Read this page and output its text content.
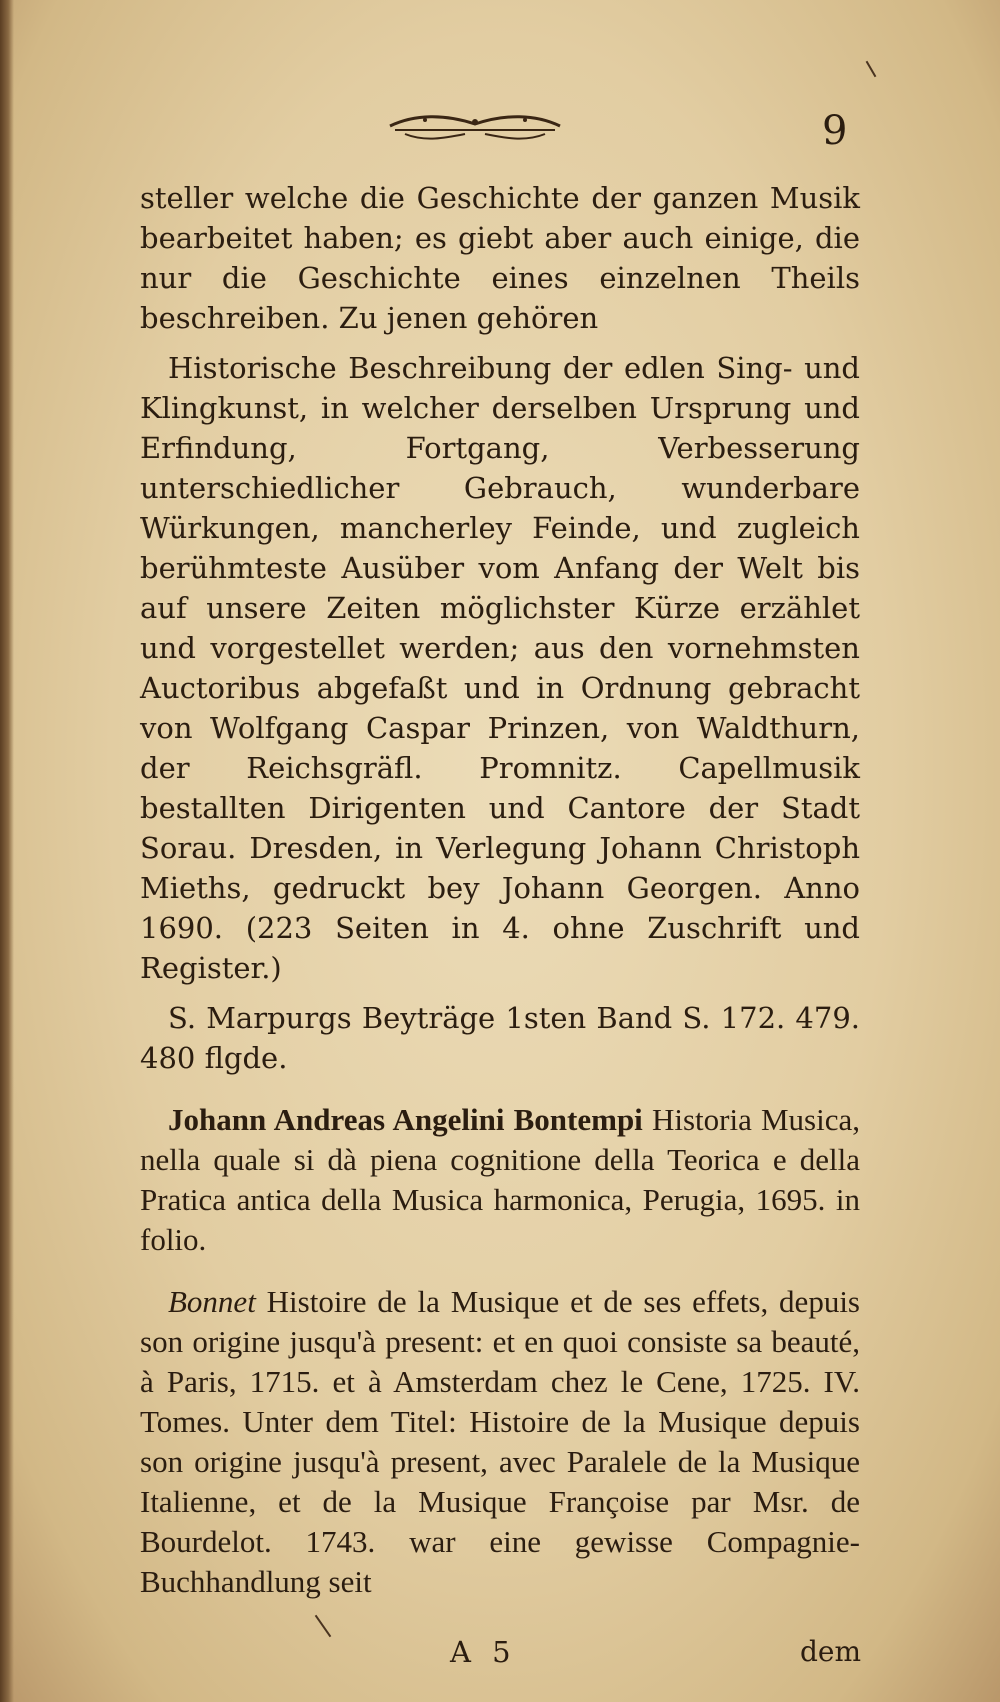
9

steller welche die Geschichte der ganzen Musik bearbeitet haben; es giebt aber auch einige, die nur die Geschichte eines einzelnen Theils beschreiben. Zu jenen gehören

Historische Beschreibung der edlen Sing- und Klingkunst, in welcher derselben Ursprung und Erfindung, Fortgang, Verbesserung unterschiedlicher Gebrauch, wunderbare Würkungen, mancherley Feinde, und zugleich berühmteste Ausüber vom Anfang der Welt bis auf unsere Zeiten möglichster Kürze erzählet und vorgestellet werden; aus den vornehmsten Auctoribus abgefaßt und in Ordnung gebracht von Wolfgang Caspar Prinzen, von Waldthurn, der Reichsgräfl. Promnitz. Capellmusik bestallten Dirigenten und Cantore der Stadt Sorau. Dresden, in Verlegung Johann Christoph Mieths, gedruckt bey Johann Georgen. Anno 1690. (223 Seiten in 4. ohne Zuschrift und Register.)

S. Marpurgs Beyträge 1sten Band S. 172. 479. 480 flgde.

Johann Andreas Angelini Bontempi Historia Musica, nella quale si dà piena cognitione della Teorica e della Pratica antica della Musica harmonica, Perugia, 1695. in folio.

Bonnet Histoire de la Musique et de ses effets, depuis son origine jusqu'à present: et en quoi consiste sa beauté, à Paris, 1715. et à Amsterdam chez le Cene, 1725. IV. Tomes. Unter dem Titel: Histoire de la Musique depuis son origine jusqu'à present, avec Paralele de la Musique Italienne, et de la Musique Françoise par Msr. de Bourdelot. 1743. war eine gewisse Compagnie-Buchhandlung seit

A 5	dem
